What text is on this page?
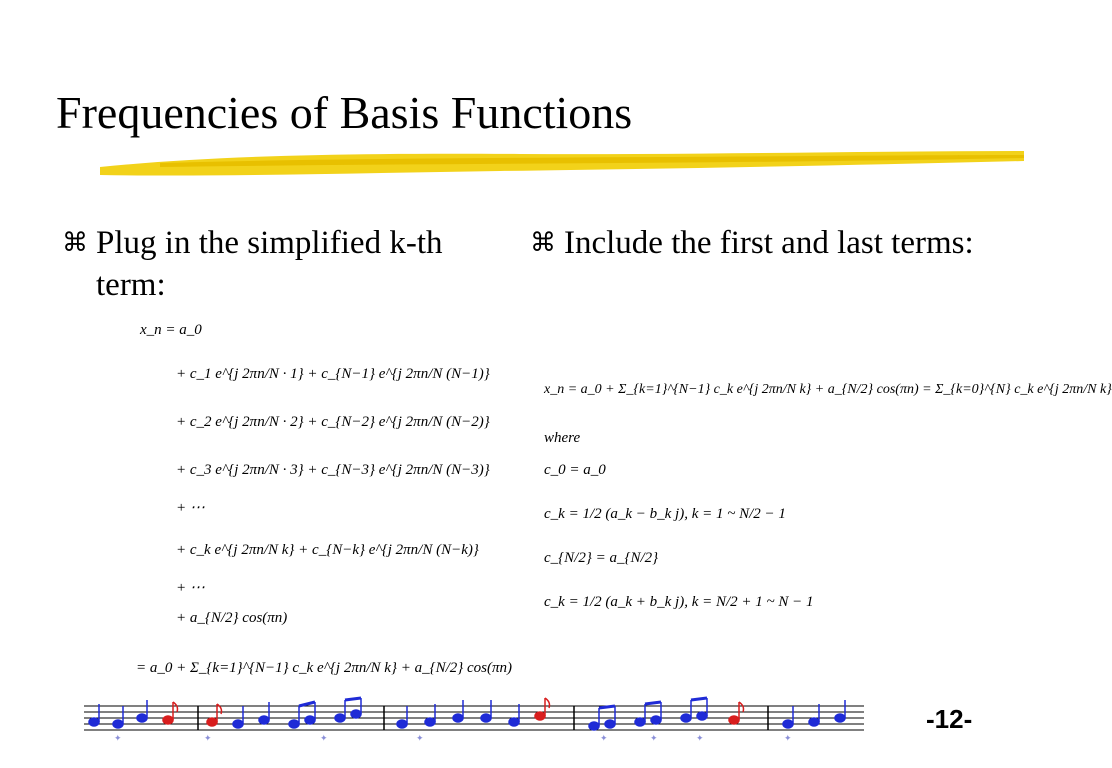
Frequencies of Basis Functions
⌘ Plug in the simplified k-th term:
⌘ Include the first and last terms:
x_n = a_0
+ c_1 e^{j 2πn/N · 1} + c_{N−1} e^{j 2πn/N (N−1)}
+ c_2 e^{j 2πn/N · 2} + c_{N−2} e^{j 2πn/N (N−2)}
+ c_3 e^{j 2πn/N · 3} + c_{N−3} e^{j 2πn/N (N−3)}
+ ⋯
+ c_k e^{j 2πn/N k} + c_{N−k} e^{j 2πn/N (N−k)}
+ ⋯
+ a_{N/2} cos(πn)
= a_0 + Σ_{k=1}^{N−1} c_k e^{j 2πn/N k} + a_{N/2} cos(πn)
x_n = a_0 + Σ_{k=1}^{N−1} c_k e^{j 2πn/N k} + a_{N/2} cos(πn) = Σ_{k=0}^{N} c_k e^{j 2πn/N k}
where
c_0 = a_0
c_k = 1/2 (a_k − b_k j), k = 1 ~ N/2 − 1
c_{N/2} = a_{N/2}
c_k = 1/2 (a_k + b_k j), k = N/2 + 1 ~ N − 1
✦	✦	✦	✦	✦	✦	✦	✦
-12-
